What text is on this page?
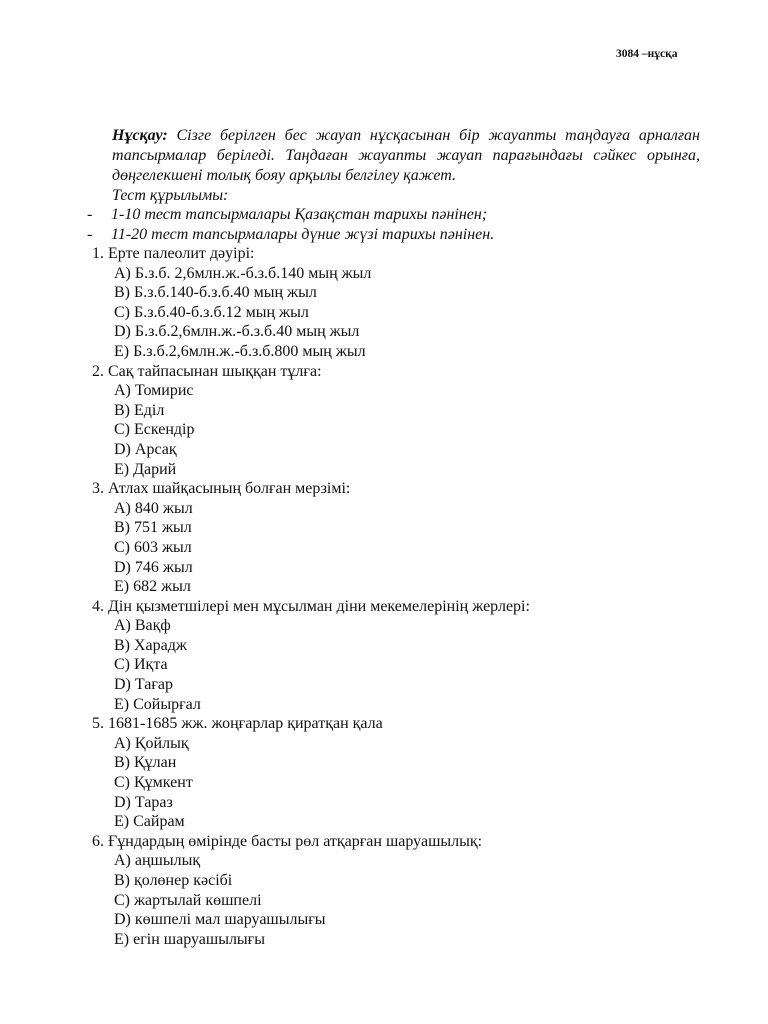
3084 –нұсқа
Нұсқау: Сізге берілген бес жауап нұсқасынан бір жауапты таңдауға арналған тапсырмалар беріледі. Таңдаған жауапты жауап парағындағы сәйкес орынға, дөңгелекшені толық бояу арқылы белгілеу қажет.
Тест құрылымы:
- 1-10 тест тапсырмалары Қазақстан тарихы пәнінен;
- 11-20 тест тапсырмалары дүние жүзі тарихы пәнінен.
1. Ерте палеолит дәуірі:
A) Б.з.б. 2,6млн.ж.-б.з.б.140 мың жыл
B) Б.з.б.140-б.з.б.40 мың жыл
C) Б.з.б.40-б.з.б.12 мың жыл
D) Б.з.б.2,6млн.ж.-б.з.б.40 мың жыл
E) Б.з.б.2,6млн.ж.-б.з.б.800 мың жыл
2. Сақ тайпасынан шыққан тұлға:
A) Томирис
B) Еділ
C) Ескендір
D) Арсақ
E) Дарий
3. Атлах шайқасының болған мерзімі:
A) 840 жыл
B) 751 жыл
C) 603 жыл
D) 746 жыл
E) 682 жыл
4. Дін қызметшілері мен мұсылман діни мекемелерінің жерлері:
A) Вақф
B) Харадж
C) Иқта
D) Тағар
E) Сойырғал
5. 1681-1685 жж. жоңғарлар қиратқан қала
A) Қойлық
B) Құлан
C) Құмкент
D) Тараз
E) Сайрам
6. Ғұндардың өмірінде басты рөл атқарған шаруашылық:
A) аңшылық
B) қолөнер кәсібі
C) жартылай көшпелі
D) көшпелі мал шаруашылығы
E) егін шаруашылығы
